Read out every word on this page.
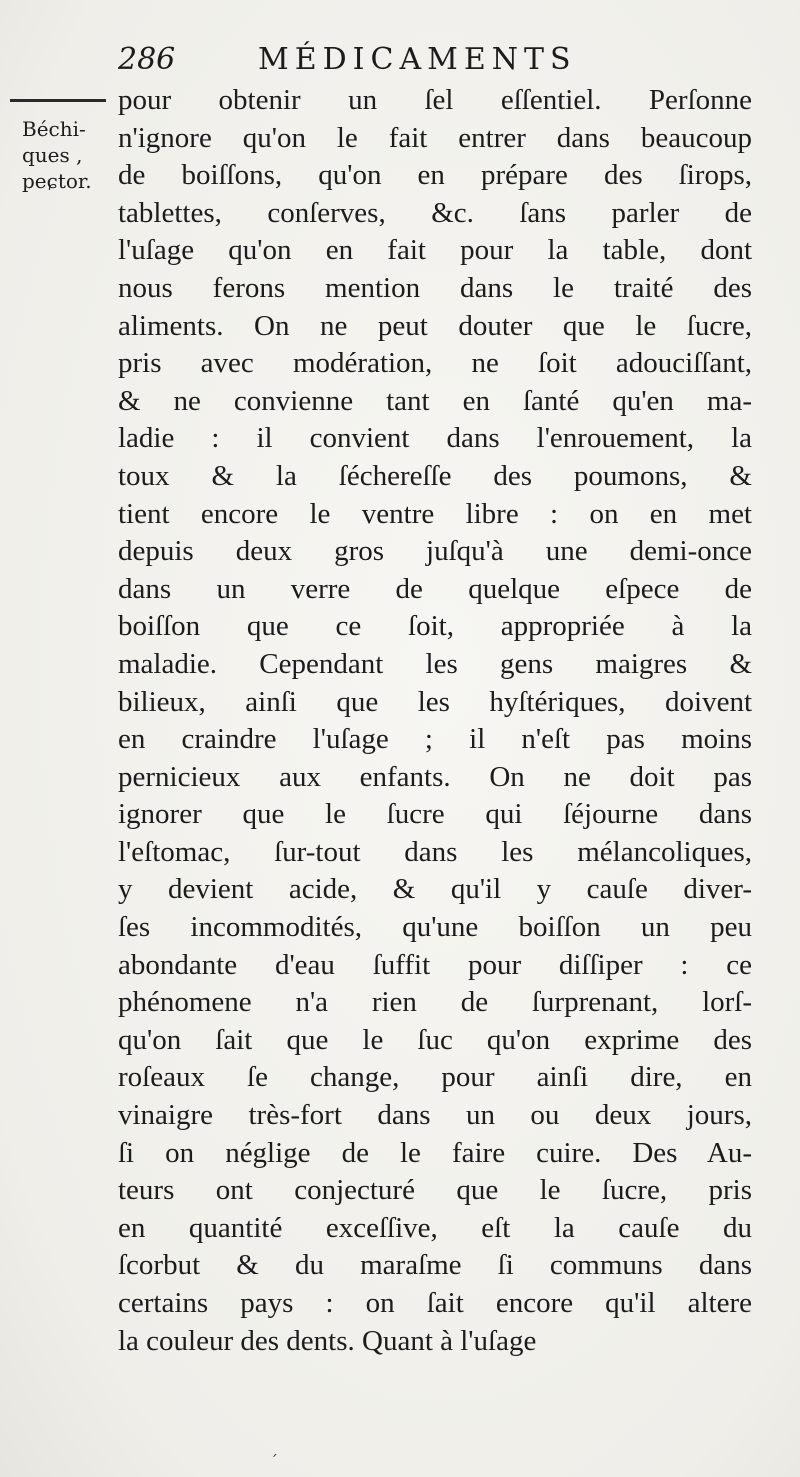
286	MÉDICAMENTS
Béchi-
ques ,
peɕtor.
pour obtenir un ſel eſſentiel. Perſonne
n'ignore qu'on le fait entrer dans beaucoup
de boiſſons, qu'on en prépare des ſirops,
tablettes, conſerves, &c. ſans parler de
l'uſage qu'on en fait pour la table, dont
nous ferons mention dans le traité des
aliments. On ne peut douter que le ſucre,
pris avec modération, ne ſoit adouciſſant,
& ne convienne tant en ſanté qu'en ma-
ladie : il convient dans l'enrouement, la
toux & la ſéchereſſe des poumons, &
tient encore le ventre libre : on en met
depuis deux gros juſqu'à une demi-once
dans un verre de quelque eſpece de
boiſſon que ce ſoit, appropriée à la
maladie. Cependant les gens maigres &
bilieux, ainſi que les hyſtériques, doivent
en craindre l'uſage ; il n'eſt pas moins
pernicieux aux enfants. On ne doit pas
ignorer que le ſucre qui ſéjourne dans
l'eſtomac, ſur-tout dans les mélancoliques,
y devient acide, & qu'il y cauſe diver-
ſes incommodités, qu'une boiſſon un peu
abondante d'eau ſuffit pour diſſiper : ce
phénomene n'a rien de ſurprenant, lorſ-
qu'on ſait que le ſuc qu'on exprime des
roſeaux ſe change, pour ainſi dire, en
vinaigre très-fort dans un ou deux jours,
ſi on néglige de le faire cuire. Des Au-
teurs ont conjecturé que le ſucre, pris
en quantité exceſſive, eſt la cauſe du
ſcorbut & du maraſme ſi communs dans
certains pays : on ſait encore qu'il altere
la couleur des dents. Quant à l'uſage
ˊ
